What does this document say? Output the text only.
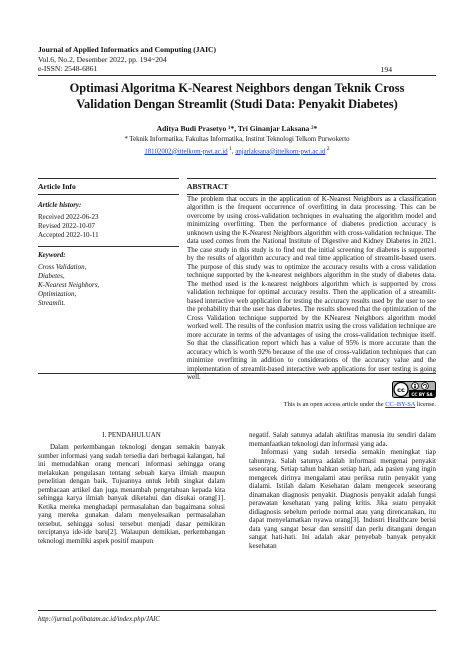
Journal of Applied Informatics and Computing (JAIC)
Vol.6, No.2, Desember 2022, pp. 194~204
e-ISSN: 2548-6861	194
Optimasi Algoritma K-Nearest Neighbors dengan Teknik Cross
Validation Dengan Streamlit (Studi Data: Penyakit Diabetes)
Aditya Budi Prasetyo ¹*, Tri Ginanjar Laksana ²*
* Teknik Informatika, Fakultas Informatika, Institut Teknologi Telkom Purwokerto
18102002@ittelkom-pwt.ac.id $^1$, anjarlaksana@ittelkom-pwt.ac.id $^2$
Article Info
Article history:
Received 2022-06-23
Revised 2022-10-07
Accepted 2022-10-11
Keyword:
Cross Validation,
Diabetes,
K-Nearest Neighbors,
Optimization,
Streamlit.
ABSTRACT
The problem that occurs in the application of K-Nearest Neighbors as a classification algorithm is the frequent occurrence of overfitting in data processing. This can be overcome by using cross-validation techniques in evaluating the algorithm model and minimizing overfitting. Then the performance of diabetes prediction accuracy is unknown using the K-Nearest Neighbors algorithm with cross-validation technique. The data used comes from the National Institute of Digestive and Kidney Diabetes in 2021. The case study in this study is to find out the initial screening for diabetes is supported by the results of algorithm accuracy and real time application of streamlit-based users. The purpose of this study was to optimize the accuracy results with a cross validation technique supported by the k-nearest neighbors algorithm in the study of diabetes data. The method used is the k-nearest neighbors algorithm which is supported by cross validation technique for optimal accuracy results. Then the application of a streamlit-based interactive web application for testing the accuracy results used by the user to see the probability that the user has diabetes. The results showed that the optimization of the Cross Validation technique supported by the KNearest Neighbors algorithm model worked well. The results of the confusion matrix using the cross validation technique are more accurate in terms of the advantages of using the cross-validation technique itself. So that the classification report which has a value of 95% is more accurate than the accuracy which is worth 92% because of the use of cross-validation techniques that can minimize overfitting in addition to considerations of the accuracy value and the implementation of streamlit-based interactive web applications for user testing is going well.
cc
CC BY SA
This is an open access article under the CC–BY-SA license.
I. PENDAHULUAN

Dalam perkembangan teknologi dengan semakin banyak sumber informasi yang sudah tersedia dari berbagai kalangan, hal ini memudahkan orang mencari informasi sehingga orang melakukan pengulasan tentang sebuah karya ilmiah maupun penelitian dengan baik. Tujuannya untuk lebih singkat dalam pembacaan artikel dan juga menambah pengetahuan kepada kita sehingga karya ilmiah banyak diketahui dan disukai orang[1]. Ketika mereka menghadapi permasalahan dan bagaimana solusi yang mereka gunakan dalam menyelesaikan permasalahan tersebut, sehingga solusi tersebut menjadi dasar pemikiran terciptanya ide-ide baru[2]. Walaupun demikian, perkembangan teknologi memiliki aspek positif maupun

negatif. Salah satunya adalah aktifitas manusia itu sendiri dalam memanfaatkan teknologi dan informasi yang ada.

Informasi yang sudah tersedia semakin meningkat tiap tahunnya. Salah satunya adalah informasi mengenai penyakit seseorang. Setiap tahun bahkan setiap hari, ada pasien yang ingin mengecek dirinya mengalami atau periksa rutin penyakit yang dialami. Istilah dalam Kesehatan dalam mengecek seseorang dinamakan diagnosis penyakit. Diagnosis penyakit adalah fungsi perawatan kesehatan yang paling kritis. Jika suatu penyakit didiagnosis sebelum periode normal atau yang direncanakan, itu dapat menyelamatkan nyawa orang[3]. Industri Healthcare berisi data yang sangat besar dan sensitif dan perlu ditangani dengan sangat hati-hati. Ini adalah akar penyebab banyak penyakit kesehatan

http://jurnal.polibatam.ac.id/index.php/JAIC
